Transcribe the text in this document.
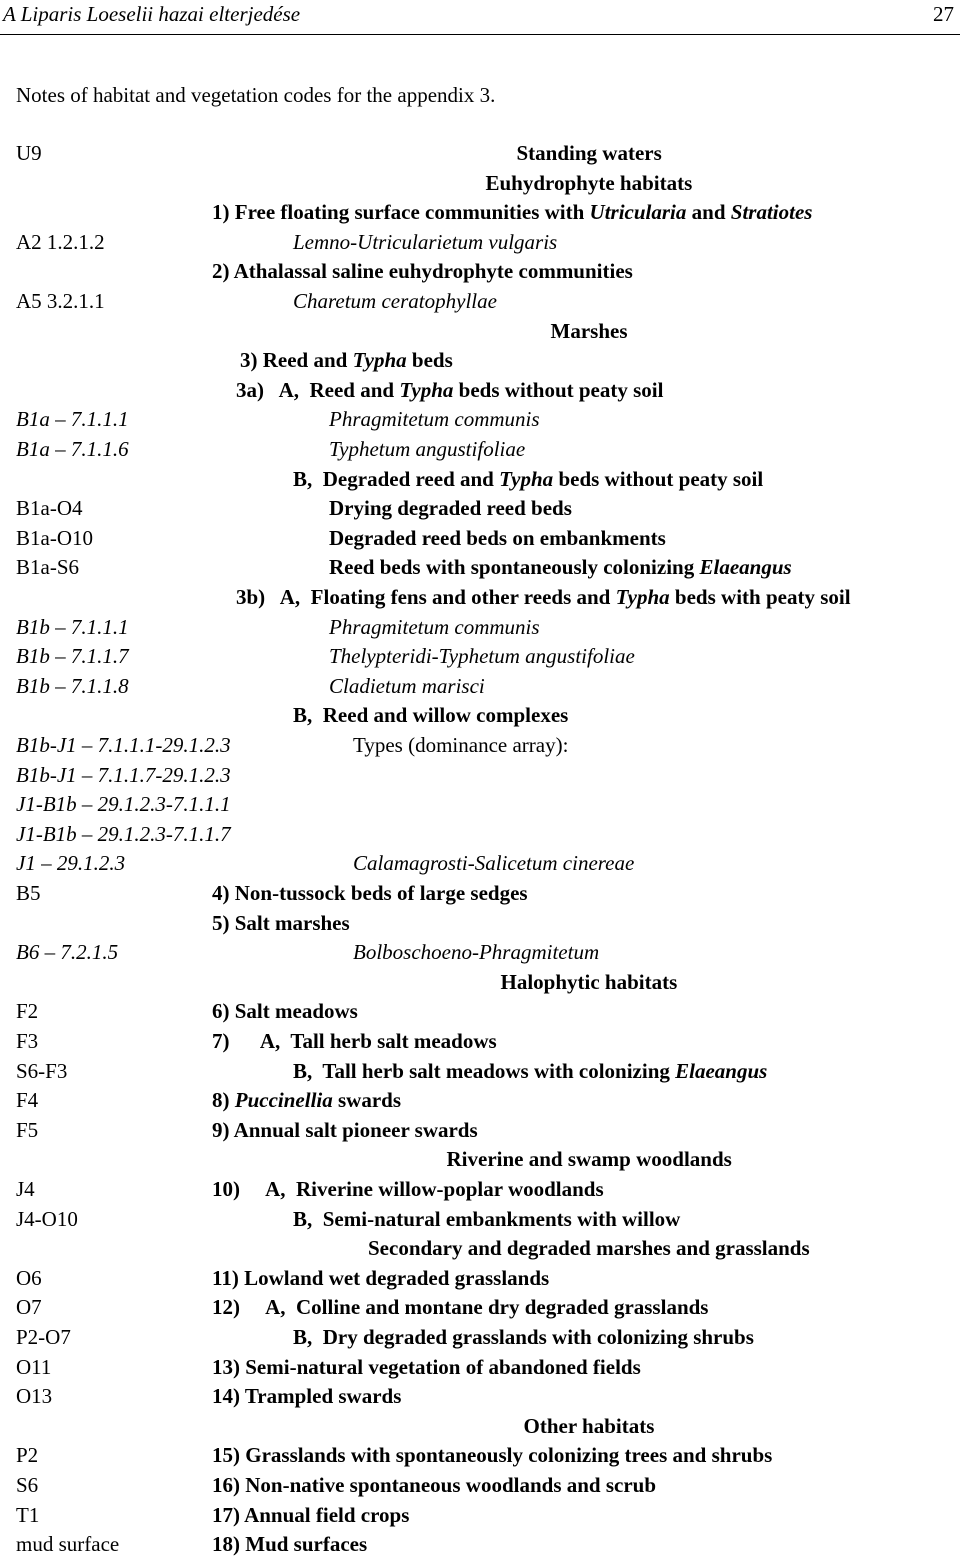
A Liparis Loeselii hazai elterjedése	27
Notes of habitat and vegetation codes for the appendix 3.
U9	Standing waters
Euhydrophyte habitats
1) Free floating surface communities with Utricularia and Stratiotes
A2 1.2.1.2	Lemno-Utricularietum vulgaris
2) Athalassal saline euhydrophyte communities
A5 3.2.1.1	Charetum ceratophyllae
Marshes
3) Reed and Typha beds
3a)   A,  Reed and Typha beds without peaty soil
B1a – 7.1.1.1	Phragmitetum communis
B1a – 7.1.1.6	Typhetum angustifoliae
B,  Degraded reed and Typha beds without peaty soil
B1a-O4	Drying degraded reed beds
B1a-O10	Degraded reed beds on embankments
B1a-S6	Reed beds with spontaneously colonizing Elaeangus
3b)   A,  Floating fens and other reeds and Typha beds with peaty soil
B1b – 7.1.1.1	Phragmitetum communis
B1b – 7.1.1.7	Thelypteridi-Typhetum angustifoliae
B1b – 7.1.1.8	Cladietum marisci
B,  Reed and willow complexes
B1b-J1 – 7.1.1.1-29.1.2.3	Types (dominance array):
B1b-J1 – 7.1.1.7-29.1.2.3
J1-B1b – 29.1.2.3-7.1.1.1
J1-B1b – 29.1.2.3-7.1.1.7
J1 – 29.1.2.3	Calamagrosti-Salicetum cinereae
B5	4) Non-tussock beds of large sedges
5) Salt marshes
B6 – 7.2.1.5	Bolboschoeno-Phragmitetum
Halophytic habitats
F2	6) Salt meadows
F3	7)      A,  Tall herb salt meadows
S6-F3	B,  Tall herb salt meadows with colonizing Elaeangus
F4	8) Puccinellia swards
F5	9) Annual salt pioneer swards
Riverine and swamp woodlands
J4	10)     A,  Riverine willow-poplar woodlands
J4-O10	B,  Semi-natural embankments with willow
Secondary and degraded marshes and grasslands
O6	11) Lowland wet degraded grasslands
O7	12)     A,  Colline and montane dry degraded grasslands
P2-O7	B,  Dry degraded grasslands with colonizing shrubs
O11	13) Semi-natural vegetation of abandoned fields
O13	14) Trampled swards
Other habitats
P2	15) Grasslands with spontaneously colonizing trees and shrubs
S6	16) Non-native spontaneous woodlands and scrub
T1	17) Annual field crops
mud surface	18) Mud surfaces
